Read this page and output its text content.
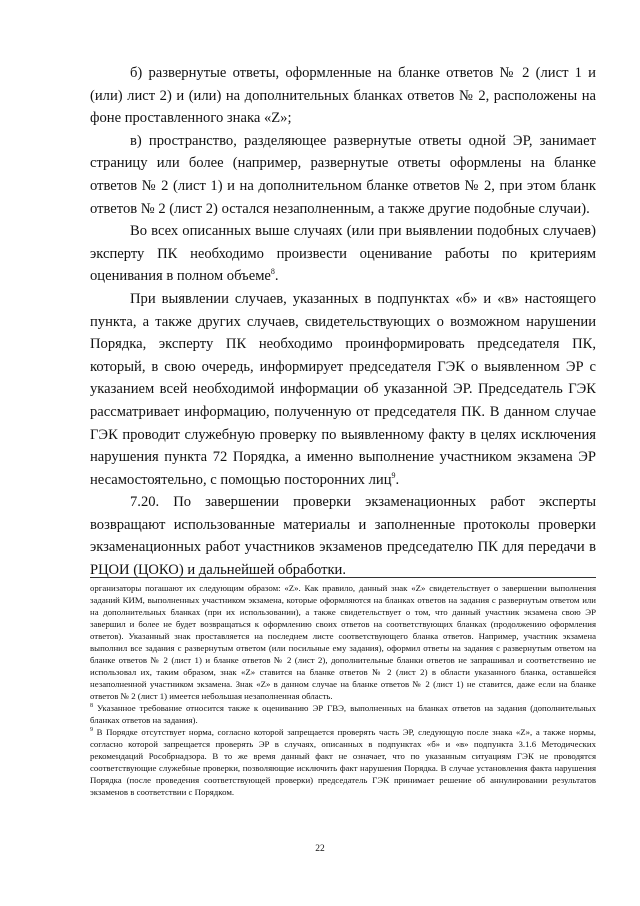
б) развернутые ответы, оформленные на бланке ответов № 2 (лист 1 и (или) лист 2) и (или) на дополнительных бланках ответов № 2, расположены на фоне проставленного знака «Z»;

в) пространство, разделяющее развернутые ответы одной ЭР, занимает страницу или более (например, развернутые ответы оформлены на бланке ответов № 2 (лист 1) и на дополнительном бланке ответов № 2, при этом бланк ответов № 2 (лист 2) остался незаполненным, а также другие подобные случаи).

Во всех описанных выше случаях (или при выявлении подобных случаев) эксперту ПК необходимо произвести оценивание работы по критериям оценивания в полном объеме$^8$.

При выявлении случаев, указанных в подпунктах «б» и «в» настоящего пункта, а также других случаев, свидетельствующих о возможном нарушении Порядка, эксперту ПК необходимо проинформировать председателя ПК, который, в свою очередь, информирует председателя ГЭК о выявленном ЭР с указанием всей необходимой информации об указанной ЭР. Председатель ГЭК рассматривает информацию, полученную от председателя ПК. В данном случае ГЭК проводит служебную проверку по выявленному факту в целях исключения нарушения пункта 72 Порядка, а именно выполнение участником экзамена ЭР несамостоятельно, с помощью посторонних лиц$^9$.

7.20. По завершении проверки экзаменационных работ эксперты возвращают использованные материалы и заполненные протоколы проверки экзаменационных работ участников экзаменов председателю ПК для передачи в РЦОИ (ЦОКО) и дальнейшей обработки.

организаторы погашают их следующим образом: «Z». Как правило, данный знак «Z» свидетельствует о завершении выполнения заданий КИМ, выполненных участником экзамена, которые оформляются на бланках ответов на задания с развернутым ответом или на дополнительных бланках (при их использовании), а также свидетельствует о том, что данный участник экзамена свою ЭР завершил и более не будет возвращаться к оформлению своих ответов на соответствующих бланках (продолжению оформления ответов). Указанный знак проставляется на последнем листе соответствующего бланка ответов. Например, участник экзамена выполнил все задания с развернутым ответом (или посильные ему задания), оформил ответы на задания с развернутым ответом на бланке ответов № 2 (лист 1) и бланке ответов № 2 (лист 2), дополнительные бланки ответов не запрашивал и соответственно не использовал их, таким образом, знак «Z» ставится на бланке ответов № 2 (лист 2) в области указанного бланка, оставшейся незаполненной участником экзамена. Знак «Z» в данном случае на бланке ответов № 2 (лист 1) не ставится, даже если на бланке ответов № 2 (лист 1) имеется небольшая незаполненная область.

$^8$ Указанное требование относится также к оцениванию ЭР ГВЭ, выполненных на бланках ответов на задания (дополнительных бланках ответов на задания).

$^9$ В Порядке отсутствует норма, согласно которой запрещается проверять часть ЭР, следующую после знака «Z», а также нормы, согласно которой запрещается проверять ЭР в случаях, описанных в подпунктах «б» и «в» подпункта 3.1.6 Методических рекомендаций Рособрнадзора. В то же время данный факт не означает, что по указанным ситуациям ГЭК не проводятся соответствующие служебные проверки, позволяющие исключить факт нарушения Порядка. В случае установления факта нарушения Порядка (после проведения соответствующей проверки) председатель ГЭК принимает решение об аннулировании результатов экзаменов в соответствии с Порядком.

22
